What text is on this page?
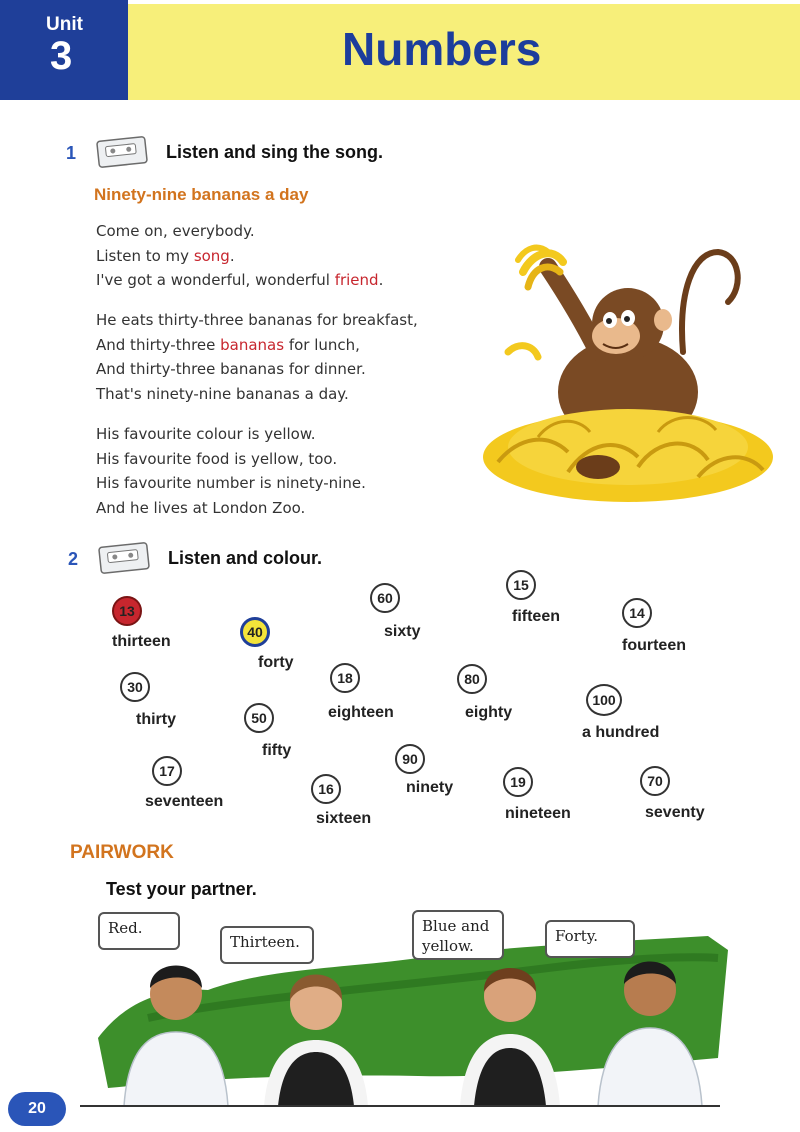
Unit
3	Numbers
1	Listen and sing the song.
Ninety-nine bananas a day
Come on, everybody.
Listen to my song.
I've got a wonderful, wonderful friend.
He eats thirty-three bananas for breakfast,
And thirty-three bananas for lunch,
And thirty-three bananas for dinner.
That's ninety-nine bananas a day.
His favourite colour is yellow.
His favourite food is yellow, too.
His favourite number is ninety-nine.
And he lives at London Zoo.
2	Listen and colour.
13
thirteen
40
forty
60
sixty
15
fifteen	14
fourteen
30
thirty	50
fifty
18
eighteen
80
eighty
100
a hundred
17
seventeen
16
sixteen
90
ninety	19
nineteen
70
seventy
PAIRWORK
Test your partner.
Red.
Thirteen.
Blue and yellow.
Forty.
20
